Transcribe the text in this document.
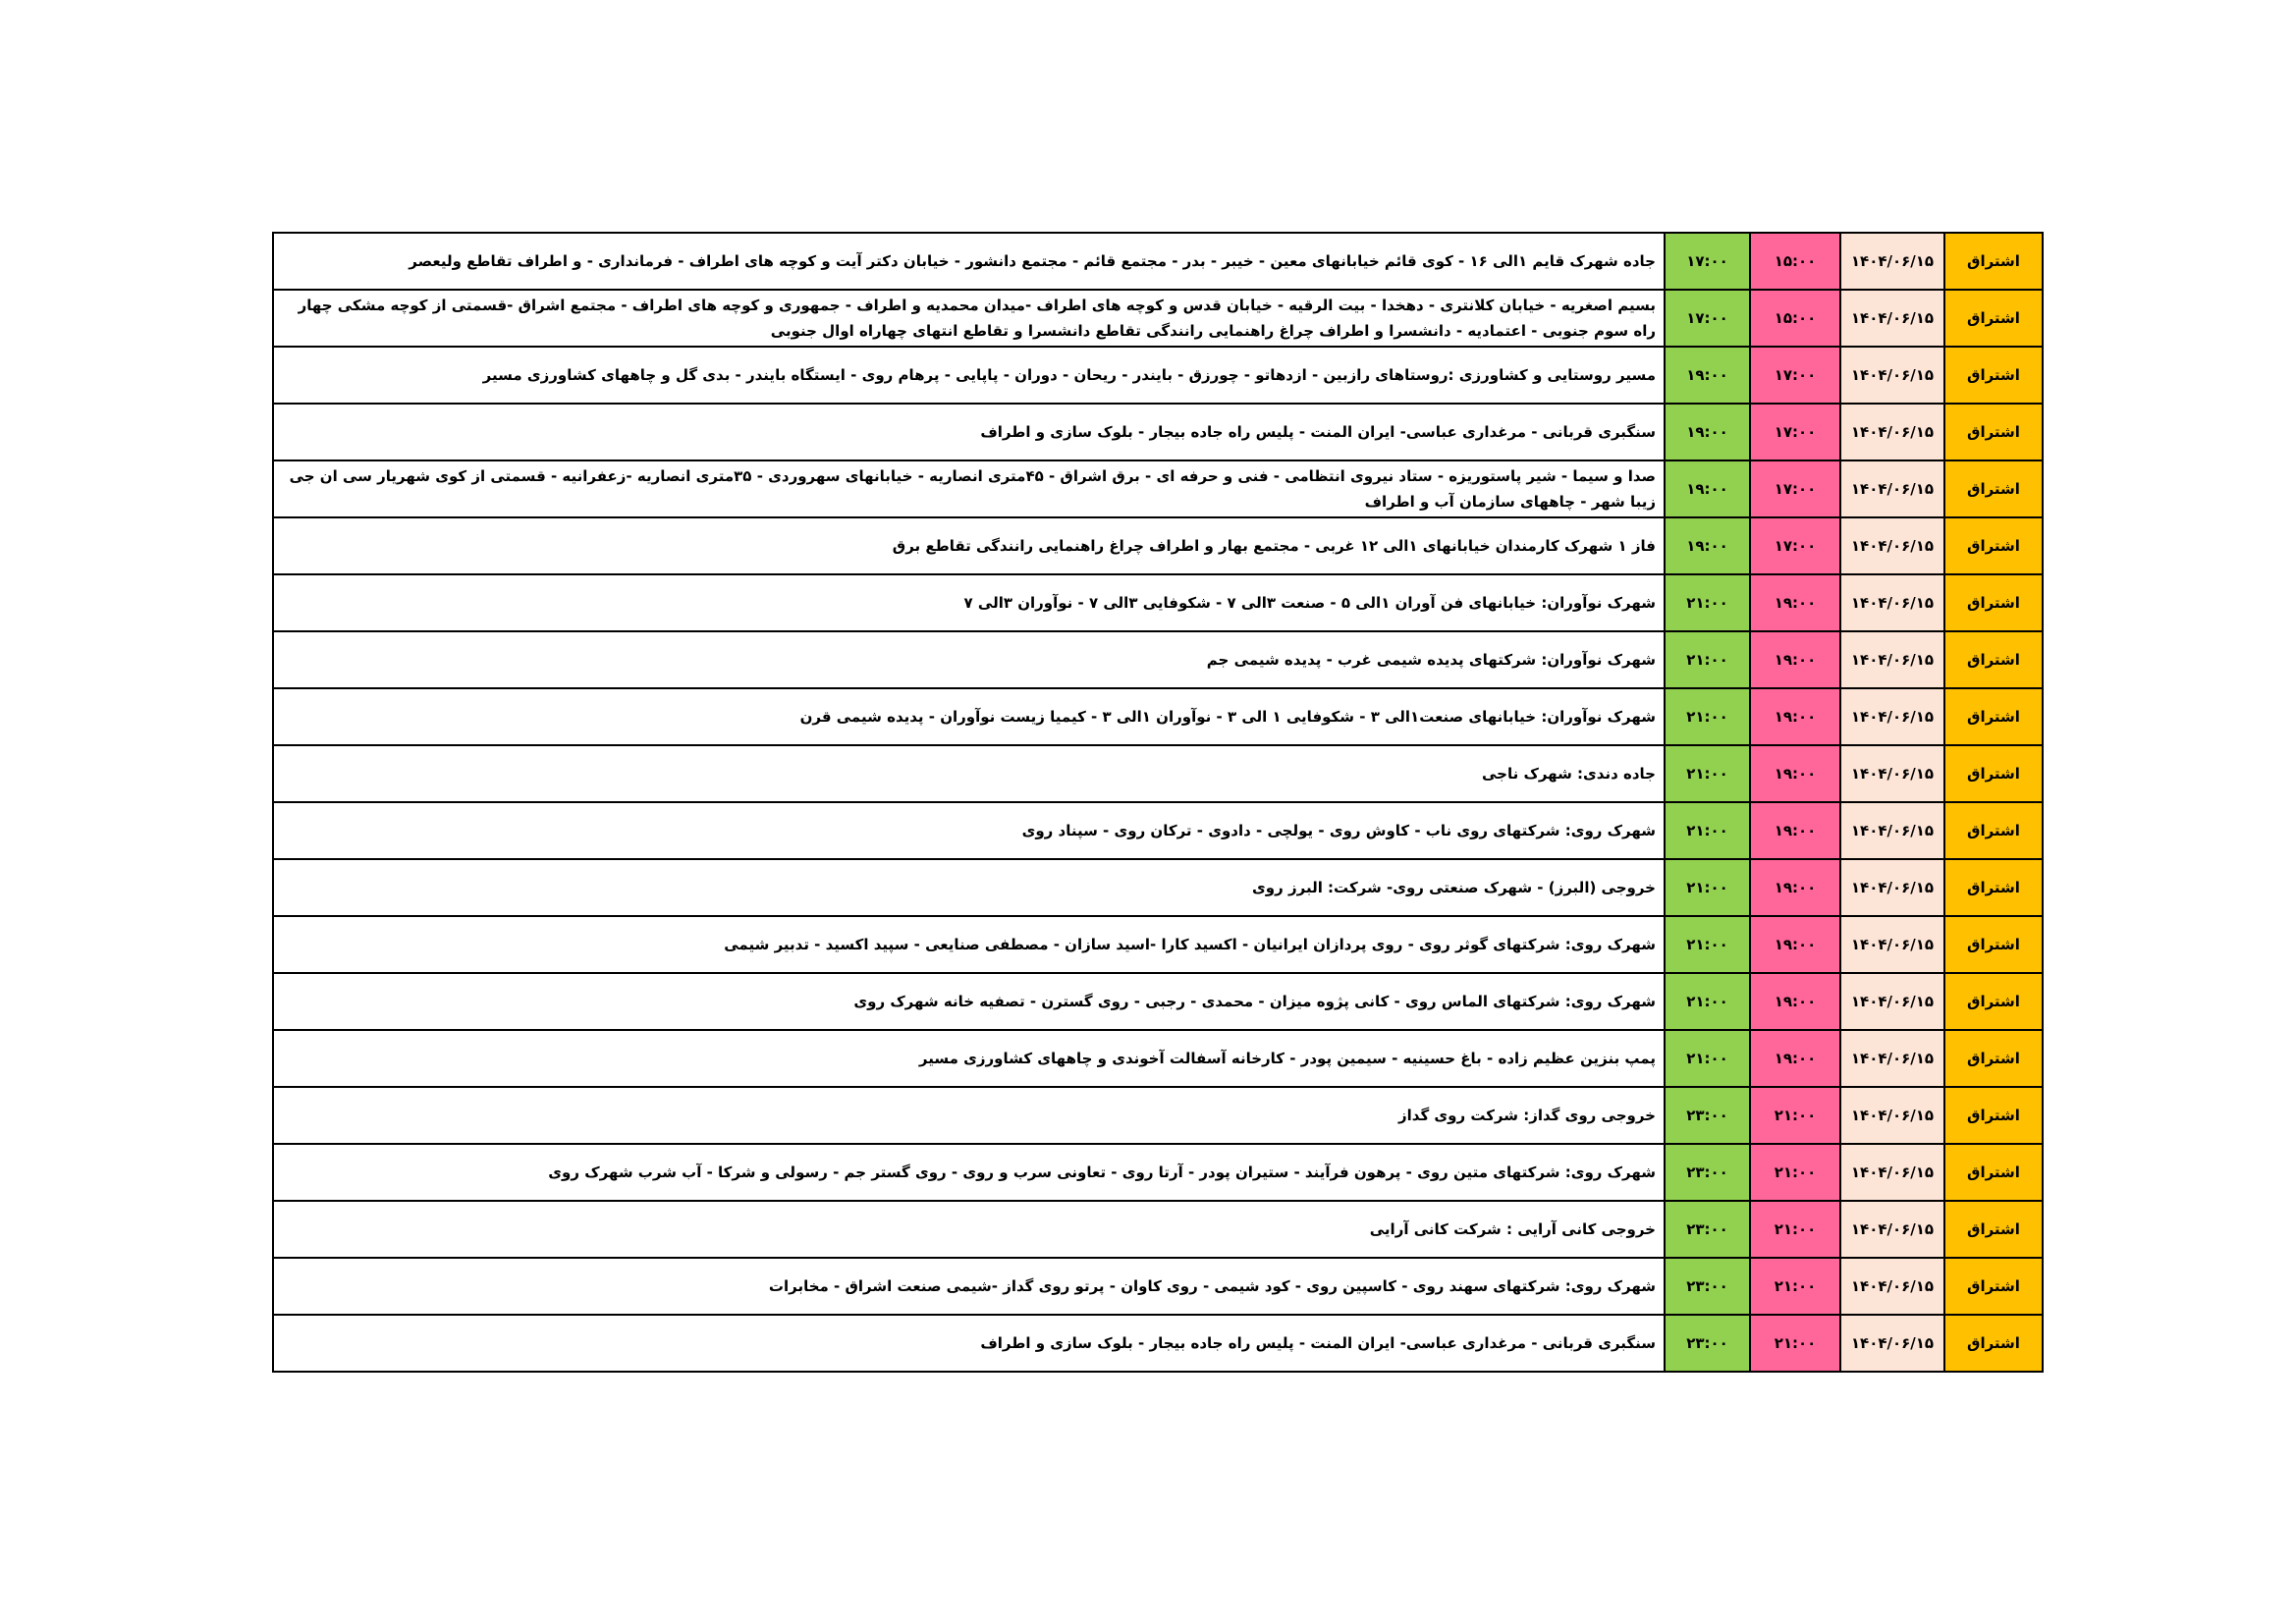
جاده شهرک قایم ۱الی ۱۶ - کوی قائم خیابانهای معین - خیبر - بدر - مجتمع قائم - مجتمع دانشور - خیابان دکتر آیت و کوچه های اطراف - فرمانداری - و اطراف تقاطع ولیعصر	۱۷:۰۰	۱۵:۰۰	۱۴۰۴/۰۶/۱۵	اشتراق
بسیم اصغریه - خیابان کلانتری - دهخدا - بیت الرقیه - خیابان قدس و کوچه های اطراف -میدان محمدیه و اطراف - جمهوری و کوچه های اطراف - مجتمع اشراق -قسمتی از کوچه مشکی چهار راه سوم جنوبی - اعتمادیه - دانشسرا و اطراف چراغ راهنمایی رانندگی تقاطع دانشسرا و تقاطع انتهای چهاراه اوال جنوبی	۱۷:۰۰	۱۵:۰۰	۱۴۰۴/۰۶/۱۵	اشتراق
مسیر روستایی و کشاورزی :روستاهای رازبین - ازدهاتو - چورزق - بایندر - ریحان - دوران - پاپایی - پرهام روی - ایستگاه بایندر - بدی گل و چاههای کشاورزی مسیر	۱۹:۰۰	۱۷:۰۰	۱۴۰۴/۰۶/۱۵	اشتراق
سنگبری قربانی - مرغداری عباسی- ایران المنت - پلیس راه جاده بیجار - بلوک سازی و اطراف	۱۹:۰۰	۱۷:۰۰	۱۴۰۴/۰۶/۱۵	اشتراق
صدا و سیما - شیر پاستوریزه - ستاد نیروی انتظامی - فنی و حرفه ای - برق اشراق - ۴۵متری انصاریه - خیابانهای سهروردی - ۳۵متری انصاریه -زعفرانیه - قسمتی از کوی شهریار سی ان جی زیبا شهر - چاههای سازمان آب و اطراف	۱۹:۰۰	۱۷:۰۰	۱۴۰۴/۰۶/۱۵	اشتراق
فاز ۱ شهرک کارمندان خیابانهای ۱الی ۱۲ غربی - مجتمع بهار و اطراف چراغ راهنمایی رانندگی تقاطع برق	۱۹:۰۰	۱۷:۰۰	۱۴۰۴/۰۶/۱۵	اشتراق
شهرک نوآوران: خیابانهای فن آوران ۱الی ۵ - صنعت ۳الی ۷ - شکوفایی ۳الی ۷ - نوآوران ۳الی ۷	۲۱:۰۰	۱۹:۰۰	۱۴۰۴/۰۶/۱۵	اشتراق
شهرک نوآوران: شرکتهای پدیده شیمی غرب - پدیده شیمی جم	۲۱:۰۰	۱۹:۰۰	۱۴۰۴/۰۶/۱۵	اشتراق
شهرک نوآوران: خیابانهای صنعت۱الی ۳ - شکوفایی ۱ الی ۳ - نوآوران ۱الی ۳ - کیمیا زیست نوآوران - پدیده شیمی قرن	۲۱:۰۰	۱۹:۰۰	۱۴۰۴/۰۶/۱۵	اشتراق
جاده دندی: شهرک ناجی	۲۱:۰۰	۱۹:۰۰	۱۴۰۴/۰۶/۱۵	اشتراق
شهرک روی: شرکتهای روی ناب - کاوش روی - یولچی - دادوی - ترکان روی - سپناد روی	۲۱:۰۰	۱۹:۰۰	۱۴۰۴/۰۶/۱۵	اشتراق
خروجی (البرز) - شهرک صنعتی روی- شرکت: البرز روی	۲۱:۰۰	۱۹:۰۰	۱۴۰۴/۰۶/۱۵	اشتراق
شهرک روی: شرکتهای گوثر روی - روی پردازان ایرانیان - اکسید کارا -اسید سازان - مصطفی صنایعی - سپید اکسید - تدبیر شیمی	۲۱:۰۰	۱۹:۰۰	۱۴۰۴/۰۶/۱۵	اشتراق
شهرک روی: شرکتهای الماس روی - کانی پژوه میزان - محمدی - رجبی - روی گسترن - تصفیه خانه شهرک روی	۲۱:۰۰	۱۹:۰۰	۱۴۰۴/۰۶/۱۵	اشتراق
پمپ بنزین عظیم زاده - باغ حسینیه - سیمین پودر - کارخانه آسفالت آخوندی و چاههای کشاورزی مسیر	۲۱:۰۰	۱۹:۰۰	۱۴۰۴/۰۶/۱۵	اشتراق
خروجی روی گداز: شرکت روی گداز	۲۳:۰۰	۲۱:۰۰	۱۴۰۴/۰۶/۱۵	اشتراق
شهرک روی: شرکتهای متین روی - پرهون فرآیند - ستیران پودر - آرتا روی - تعاونی سرب و روی - روی گستر جم - رسولی و شرکا - آب شرب شهرک روی	۲۳:۰۰	۲۱:۰۰	۱۴۰۴/۰۶/۱۵	اشتراق
خروجی کانی آرایی : شرکت کانی آرایی	۲۳:۰۰	۲۱:۰۰	۱۴۰۴/۰۶/۱۵	اشتراق
شهرک روی: شرکتهای سهند روی - کاسپین روی - کود شیمی - روی کاوان - پرتو روی گداز -شیمی صنعت اشراق - مخابرات	۲۳:۰۰	۲۱:۰۰	۱۴۰۴/۰۶/۱۵	اشتراق
سنگبری قربانی - مرغداری عباسی- ایران المنت - پلیس راه جاده بیجار - بلوک سازی و اطراف	۲۳:۰۰	۲۱:۰۰	۱۴۰۴/۰۶/۱۵	اشتراق
